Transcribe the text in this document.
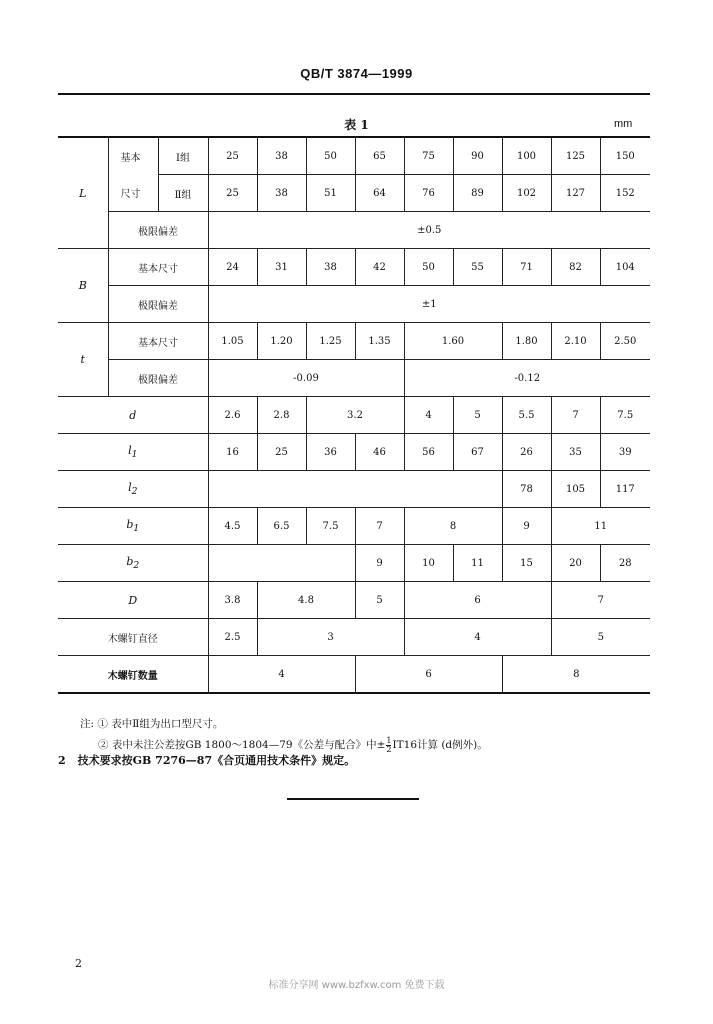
QB/T 3874—1999
表 1	mm
L	基本	Ⅰ组	25	38	50	65	75	90	100	125	150
	尺寸	Ⅱ组	25	38	51	64	76	89	102	127	152
	极限偏差		±0.5								
B	基本尺寸		24	31	38	42	50	55	71	82	104
	极限偏差		±1								
t	基本尺寸		1.05	1.20	1.25	1.35	1.60		1.80	2.10	2.50
	极限偏差		-0.09				-0.12				
d			2.6	2.8	3.2		4	5	5.5	7	7.5
$l_1$			16	25	36	46	56	67	26	35	39
$l_2$									78	105	117
$b_1$			4.5	6.5	7.5	7	8		9	11	
$b_2$						9	10	11	15	20	28
D			3.8	4.8		5	6			7	
木螺钉直径			2.5	3			4			5	
木螺钉数量			4			6			8		
注: ① 表中Ⅱ组为出口型尺寸。
② 表中未注公差按GB 1800～1804—79《公差与配合》中± $\frac{1}{2} IT16$计算 (d例外)。
2 技术要求按GB 7276—87《合页通用技术条件》规定。
2
标准分享网 www.bzfxw.com 免费下载
